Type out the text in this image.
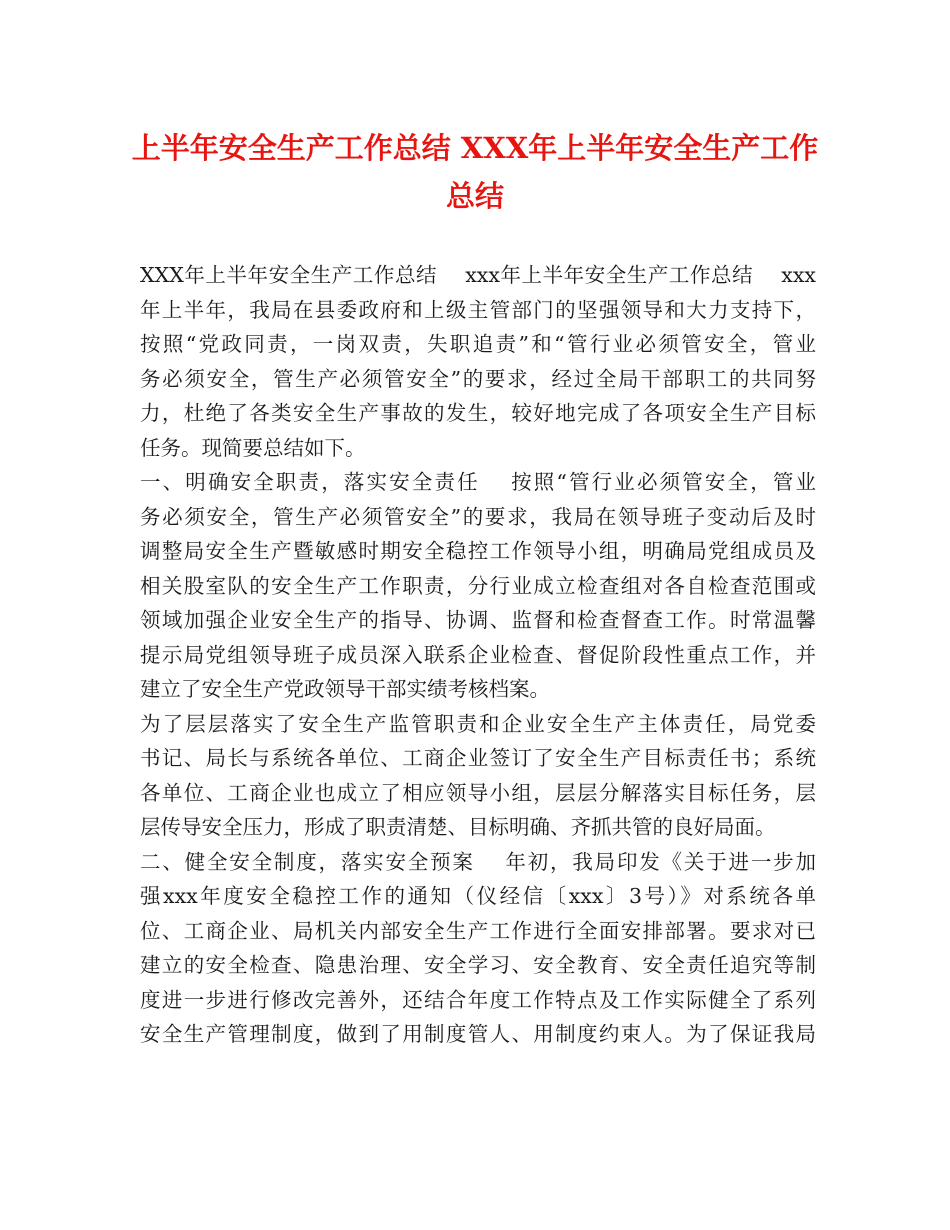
上半年安全生产工作总结 XXX年上半年安全生产工作
总结
XXX年上半年安全生产工作总结　 xxx年上半年安全生产工作总结　 xxx
年上半年，我局在县委政府和上级主管部门的坚强领导和大力支持下，
按照“党政同责，一岗双责，失职追责”和“管行业必须管安全，管业
务必须安全，管生产必须管安全”的要求，经过全局干部职工的共同努
力，杜绝了各类安全生产事故的发生，较好地完成了各项安全生产目标
任务。现简要总结如下。
一、明确安全职责，落实安全责任　 按照“管行业必须管安全，管业
务必须安全，管生产必须管安全”的要求，我局在领导班子变动后及时
调整局安全生产暨敏感时期安全稳控工作领导小组，明确局党组成员及
相关股室队的安全生产工作职责，分行业成立检查组对各自检查范围或
领域加强企业安全生产的指导、协调、监督和检查督查工作。时常温馨
提示局党组领导班子成员深入联系企业检查、督促阶段性重点工作，并
建立了安全生产党政领导干部实绩考核档案。
为了层层落实了安全生产监管职责和企业安全生产主体责任，局党委
书记、局长与系统各单位、工商企业签订了安全生产目标责任书；系统
各单位、工商企业也成立了相应领导小组，层层分解落实目标任务，层
层传导安全压力，形成了职责清楚、目标明确、齐抓共管的良好局面。
二、健全安全制度，落实安全预案　 年初，我局印发《关于进一步加
强xxx年度安全稳控工作的通知（仪经信〔xxx〕3号）》对系统各单
位、工商企业、局机关内部安全生产工作进行全面安排部署。要求对已
建立的安全检查、隐患治理、安全学习、安全教育、安全责任追究等制
度进一步进行修改完善外，还结合年度工作特点及工作实际健全了系列
安全生产管理制度，做到了用制度管人、用制度约束人。为了保证我局
